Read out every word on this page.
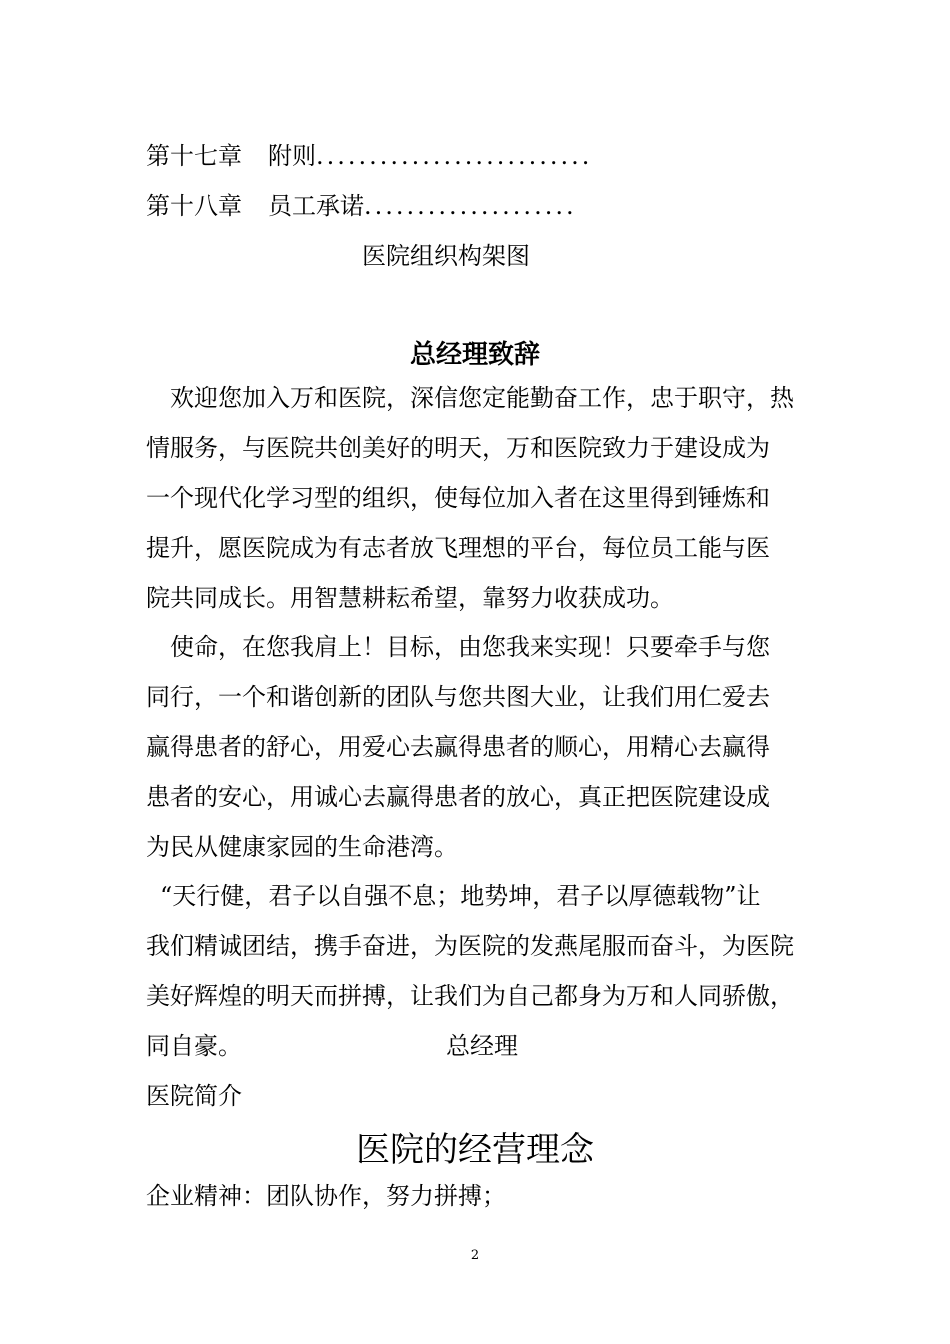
第十七章 附则..........................
第十八章 员工承诺....................
医院组织构架图
总经理致辞
　欢迎您加入万和医院，深信您定能勤奋工作，忠于职守，热
情服务，与医院共创美好的明天，万和医院致力于建设成为
一个现代化学习型的组织，使每位加入者在这里得到锤炼和
提升，愿医院成为有志者放飞理想的平台，每位员工能与医
院共同成长。用智慧耕耘希望，靠努力收获成功。
　使命，在您我肩上！目标，由您我来实现！只要牵手与您
同行，一个和谐创新的团队与您共图大业，让我们用仁爱去
赢得患者的舒心，用爱心去赢得患者的顺心，用精心去赢得
患者的安心，用诚心去赢得患者的放心，真正把医院建设成
为民从健康家园的生命港湾。
“天行健，君子以自强不息；地势坤，君子以厚德载物”让
我们精诚团结，携手奋进，为医院的发燕尾服而奋斗，为医院
美好辉煌的明天而拼搏，让我们为自己都身为万和人同骄傲，
同自豪。	总经理
医院简介
医院的经营理念
企业精神：团队协作，努力拼搏；
2
